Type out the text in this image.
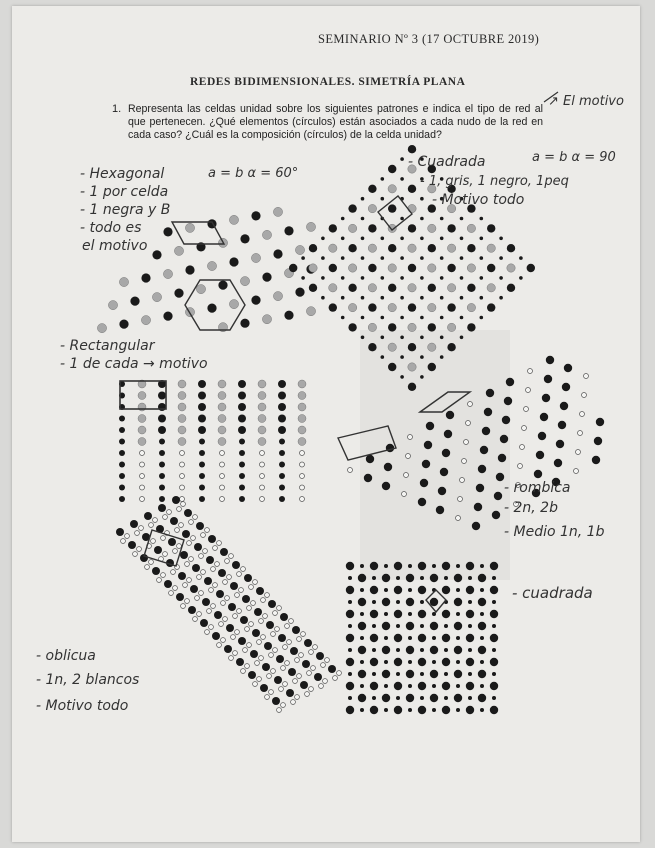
SEMINARIO Nº 3 (17 OCTUBRE 2019)
REDES BIDIMENSIONALES. SIMETRÍA PLANA
1. Representa las celdas unidad sobre los siguientes patrones e indica el tipo de red al que pertenecen. ¿Qué elementos (círculos) están asociados a cada nudo de la red en cada caso? ¿Cuál es la composición (círculos) de la celda unidad?
↗ El motivo
- Hexagonal
- 1 por celda
- 1 negra y B
- todo es
el motivo
a = b α = 60°
- Cuadrada
- 1, gris, 1 negro, 1peq
- Motivo todo
a = b α = 90
- Rectangular
- 1 de cada → motivo
- rombica
- 2n, 2b
- Medio 1n, 1b
- oblicua
- 1n, 2 blancos
- Motivo todo
- cuadrada
